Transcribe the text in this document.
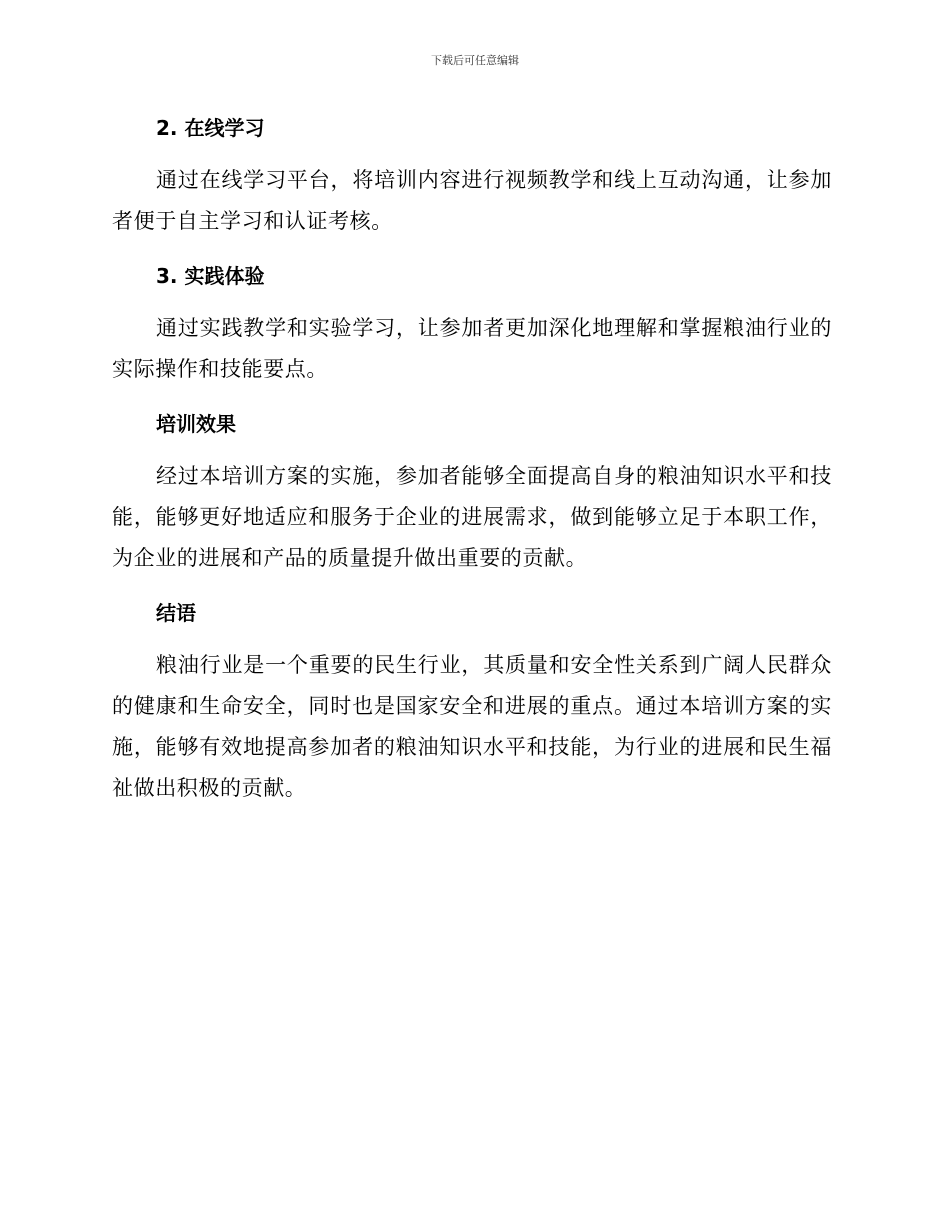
下载后可任意编辑
2. 在线学习

通过在线学习平台，将培训内容进行视频教学和线上互动沟通，让参加者便于自主学习和认证考核。

3. 实践体验

通过实践教学和实验学习，让参加者更加深化地理解和掌握粮油行业的实际操作和技能要点。

培训效果

经过本培训方案的实施，参加者能够全面提高自身的粮油知识水平和技能，能够更好地适应和服务于企业的进展需求，做到能够立足于本职工作，为企业的进展和产品的质量提升做出重要的贡献。

结语

粮油行业是一个重要的民生行业，其质量和安全性关系到广阔人民群众的健康和生命安全，同时也是国家安全和进展的重点。通过本培训方案的实施，能够有效地提高参加者的粮油知识水平和技能，为行业的进展和民生福祉做出积极的贡献。
